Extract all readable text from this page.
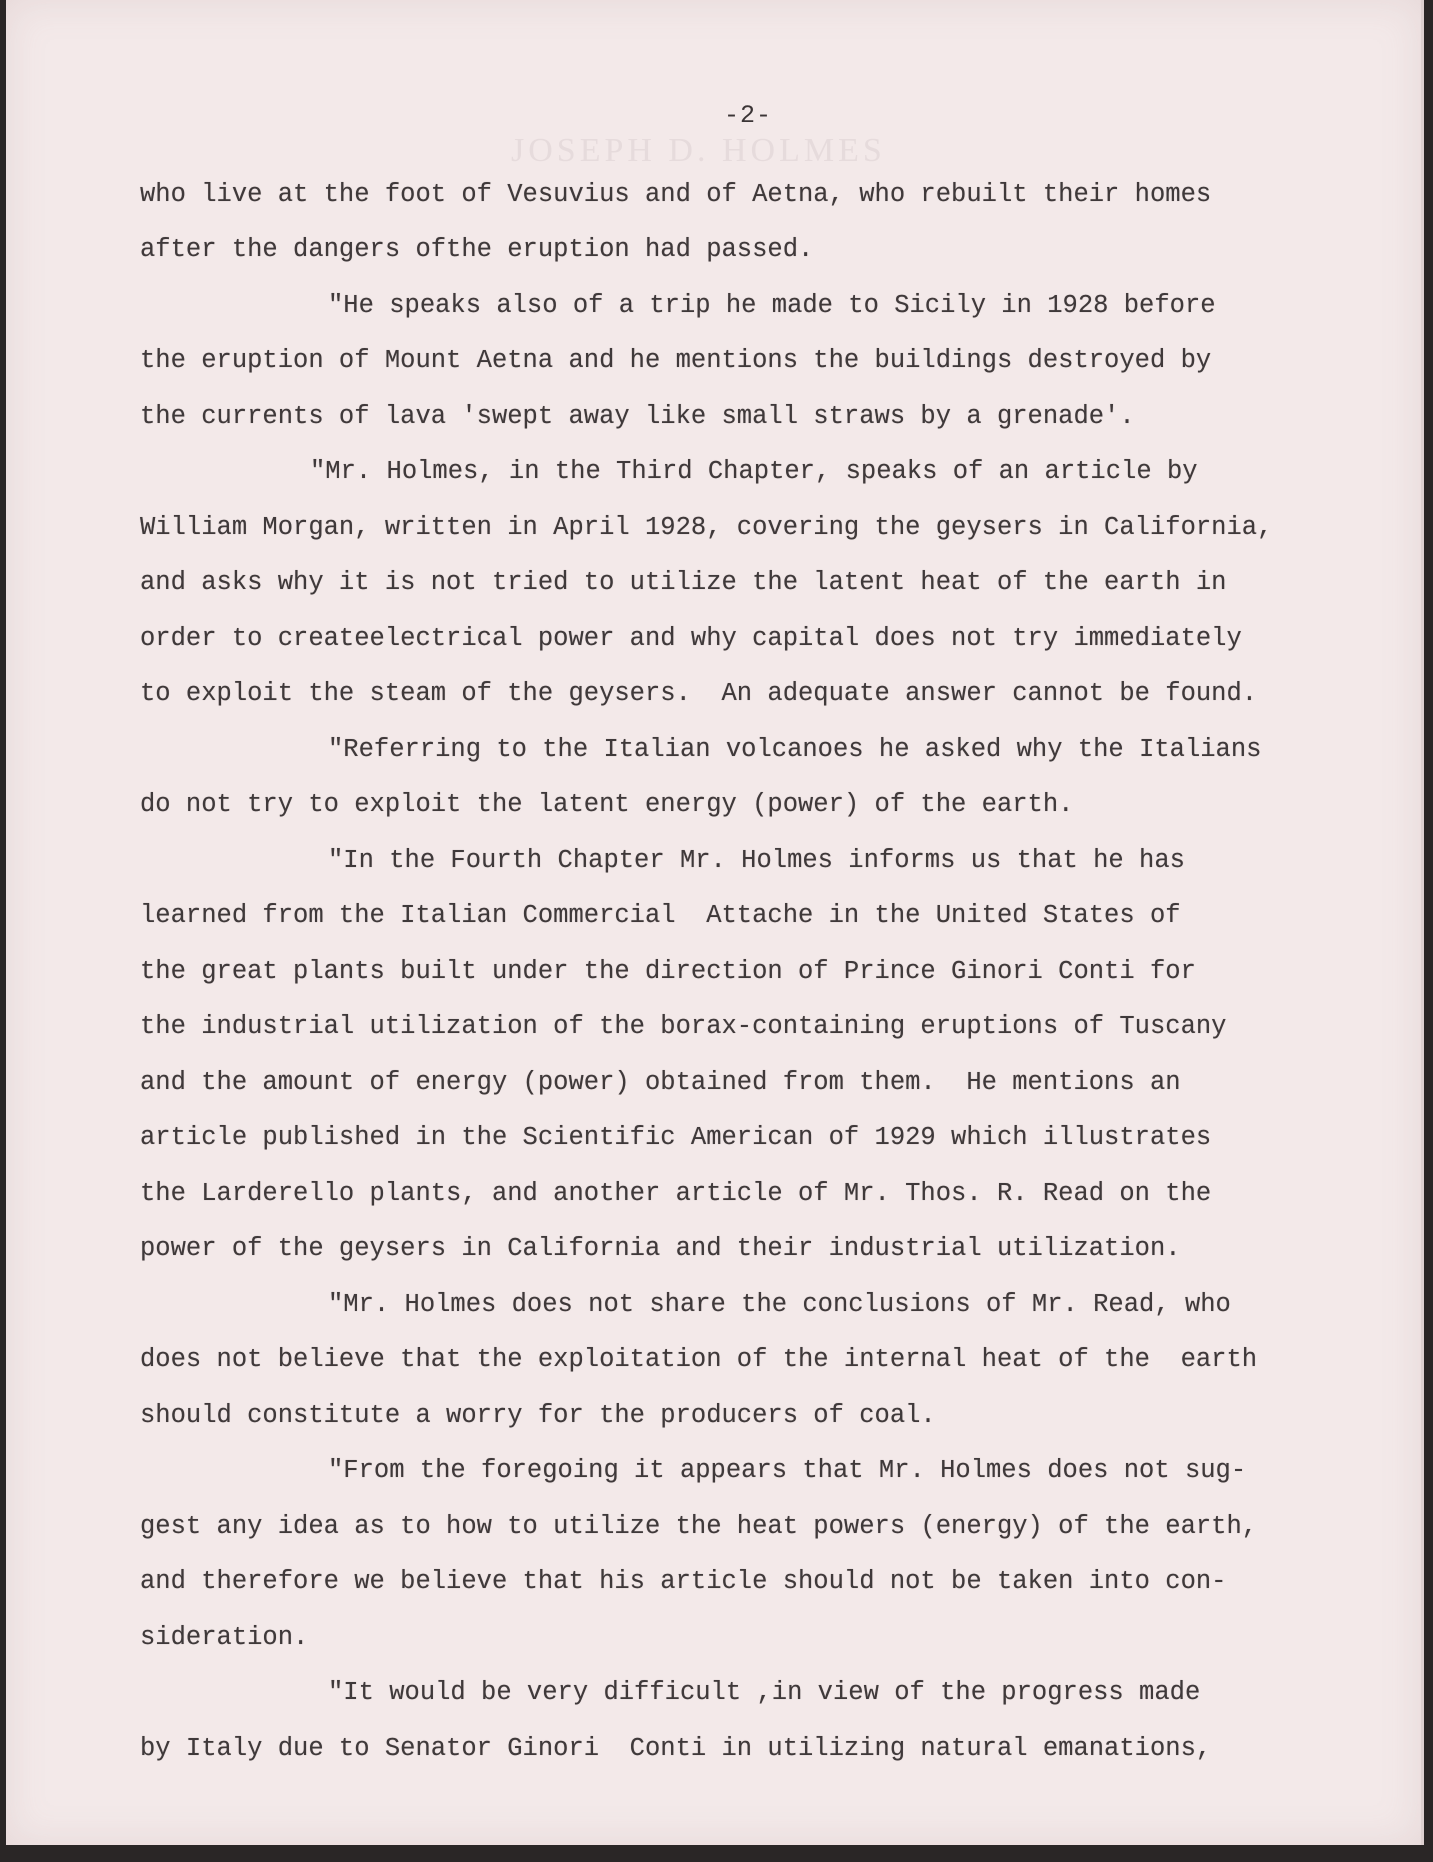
JOSEPH D. HOLMES
-2-
who live at the foot of Vesuvius and of Aetna, who rebuilt their homes
after the dangers ofthe eruption had passed.
"He speaks also of a trip he made to Sicily in 1928 before
the eruption of Mount Aetna and he mentions the buildings destroyed by
the currents of lava 'swept away like small straws by a grenade'.
"Mr. Holmes, in the Third Chapter, speaks of an article by
William Morgan, written in April 1928, covering the geysers in California,
and asks why it is not tried to utilize the latent heat of the earth in
order to createelectrical power and why capital does not try immediately
to exploit the steam of the geysers.  An adequate answer cannot be found.
"Referring to the Italian volcanoes he asked why the Italians
do not try to exploit the latent energy (power) of the earth.
"In the Fourth Chapter Mr. Holmes informs us that he has
learned from the Italian Commercial  Attache in the United States of
the great plants built under the direction of Prince Ginori Conti for
the industrial utilization of the borax-containing eruptions of Tuscany
and the amount of energy (power) obtained from them.  He mentions an
article published in the Scientific American of 1929 which illustrates
the Larderello plants, and another article of Mr. Thos. R. Read on the
power of the geysers in California and their industrial utilization.
"Mr. Holmes does not share the conclusions of Mr. Read, who
does not believe that the exploitation of the internal heat of the  earth
should constitute a worry for the producers of coal.
"From the foregoing it appears that Mr. Holmes does not sug-
gest any idea as to how to utilize the heat powers (energy) of the earth,
and therefore we believe that his article should not be taken into con-
sideration.
"It would be very difficult ,in view of the progress made
by Italy due to Senator Ginori  Conti in utilizing natural emanations,
